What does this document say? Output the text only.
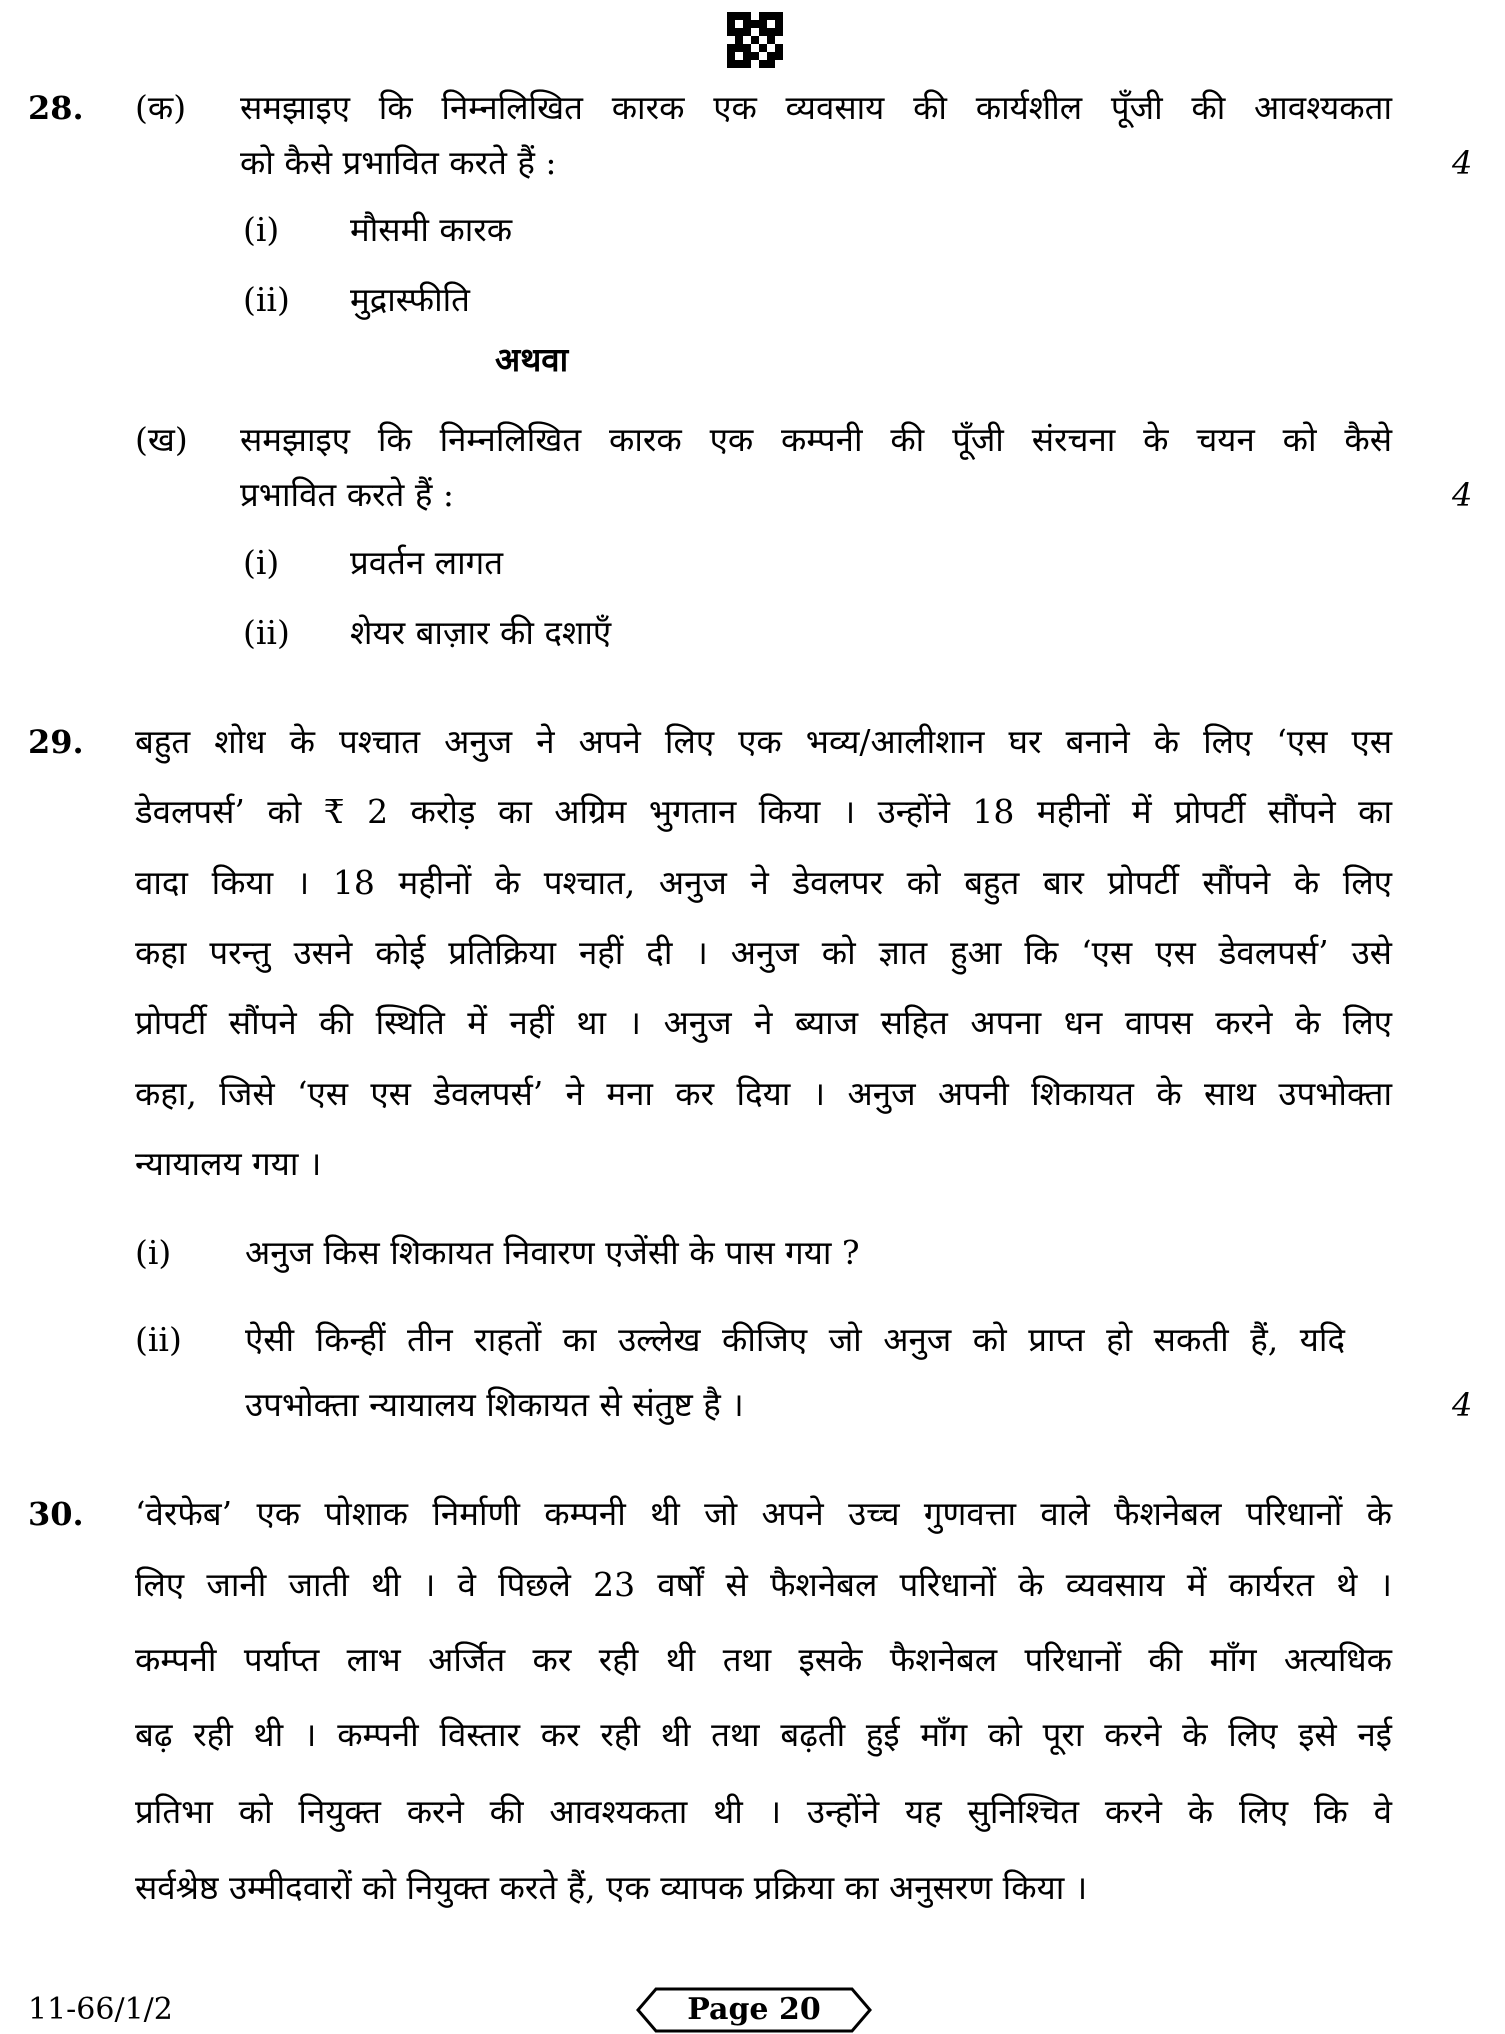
28. (क) समझाइए कि निम्नलिखित कारक एक व्यवसाय की कार्यशील पूँजी की आवश्यकता
को कैसे प्रभावित करते हैं :	4
(i) मौसमी कारक
(ii) मुद्रास्फीति
अथवा
(ख) समझाइए कि निम्नलिखित कारक एक कम्पनी की पूँजी संरचना के चयन को कैसे
प्रभावित करते हैं :	4
(i) प्रवर्तन लागत
(ii) शेयर बाज़ार की दशाएँ
29. बहुत शोध के पश्चात अनुज ने अपने लिए एक भव्य/आलीशान घर बनाने के लिए ‘एस एस
डेवलपर्स’ को ₹ 2 करोड़ का अग्रिम भुगतान किया । उन्होंने 18 महीनों में प्रोपर्टी सौंपने का
वादा किया । 18 महीनों के पश्चात, अनुज ने डेवलपर को बहुत बार प्रोपर्टी सौंपने के लिए
कहा परन्तु उसने कोई प्रतिक्रिया नहीं दी । अनुज को ज्ञात हुआ कि ‘एस एस डेवलपर्स’ उसे
प्रोपर्टी सौंपने की स्थिति में नहीं था । अनुज ने ब्याज सहित अपना धन वापस करने के लिए
कहा, जिसे ‘एस एस डेवलपर्स’ ने मना कर दिया । अनुज अपनी शिकायत के साथ उपभोक्ता
न्यायालय गया ।
(i) अनुज किस शिकायत निवारण एजेंसी के पास गया ?
(ii) ऐसी किन्हीं तीन राहतों का उल्लेख कीजिए जो अनुज को प्राप्त हो सकती हैं, यदि
उपभोक्ता न्यायालय शिकायत से संतुष्ट है ।	4
30. ‘वेरफेब’ एक पोशाक निर्माणी कम्पनी थी जो अपने उच्च गुणवत्ता वाले फैशनेबल परिधानों के
लिए जानी जाती थी । वे पिछले 23 वर्षों से फैशनेबल परिधानों के व्यवसाय में कार्यरत थे ।
कम्पनी पर्याप्त लाभ अर्जित कर रही थी तथा इसके फैशनेबल परिधानों की माँग अत्यधिक
बढ़ रही थी । कम्पनी विस्तार कर रही थी तथा बढ़ती हुई माँग को पूरा करने के लिए इसे नई
प्रतिभा को नियुक्त करने की आवश्यकता थी । उन्होंने यह सुनिश्चित करने के लिए कि वे
सर्वश्रेष्ठ उम्मीदवारों को नियुक्त करते हैं, एक व्यापक प्रक्रिया का अनुसरण किया ।
11-66/1/2	Page 20
